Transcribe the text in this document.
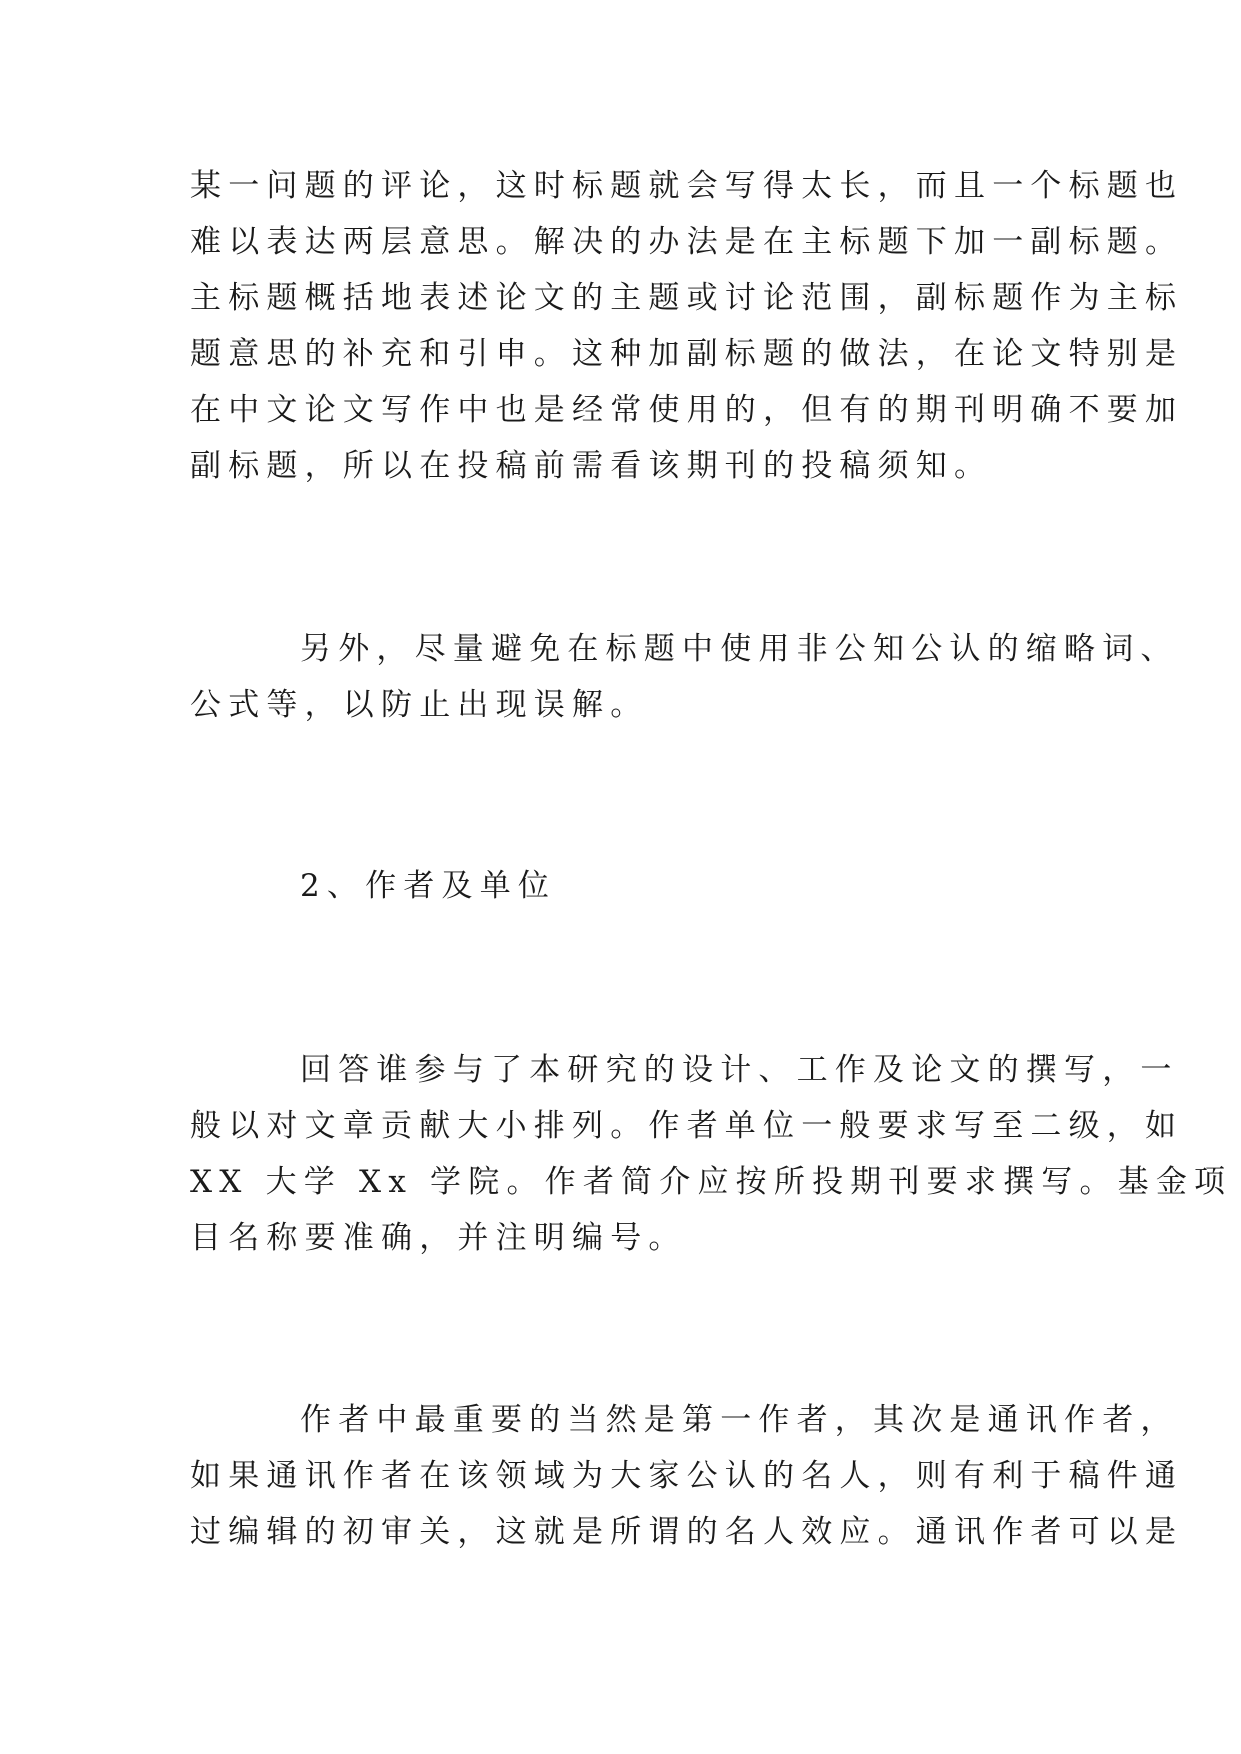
某一问题的评论，这时标题就会写得太长，而且一个标题也
难以表达两层意思。解决的办法是在主标题下加一副标题。
主标题概括地表述论文的主题或讨论范围，副标题作为主标
题意思的补充和引申。这种加副标题的做法，在论文特别是
在中文论文写作中也是经常使用的，但有的期刊明确不要加
副标题，所以在投稿前需看该期刊的投稿须知。
另外，尽量避免在标题中使用非公知公认的缩略词、
公式等，以防止出现误解。
2、作者及单位
回答谁参与了本研究的设计、工作及论文的撰写，一
般以对文章贡献大小排列。作者单位一般要求写至二级，如
XX 大学 Xx 学院。作者简介应按所投期刊要求撰写。基金项
目名称要准确，并注明编号。
作者中最重要的当然是第一作者，其次是通讯作者，
如果通讯作者在该领域为大家公认的名人，则有利于稿件通
过编辑的初审关，这就是所谓的名人效应。通讯作者可以是
